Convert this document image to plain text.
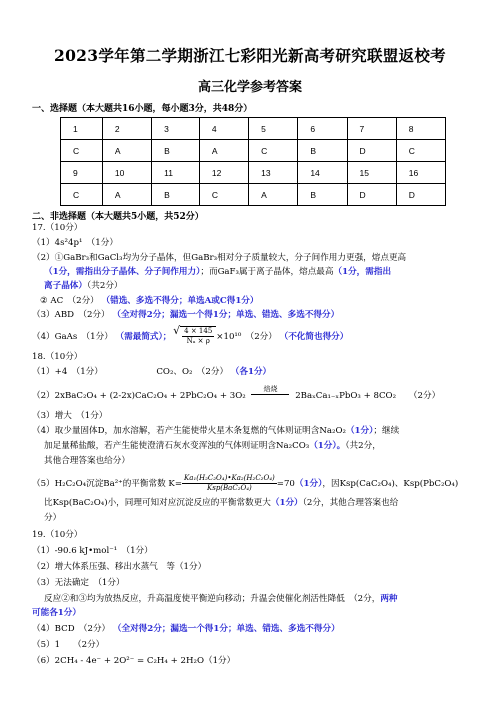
2023学年第二学期浙江七彩阳光新高考研究联盟返校考
高三化学参考答案
一、选择题（本大题共16小题，每小题3分，共48分）
1	2	3	4	5	6	7	8
C	A	B	A	C	B	D	C
9	10	11	12	13	14	15	16
C	A	B	C	A	B	D	D
二、非选择题（本大题共5小题，共52分）
17.（10分）
（1）4s²4p¹　（1分）
（2）①GaBr₃和GaCl₃均为分子晶体，但GaBr₃相对分子质量较大，分子间作用力更强，熔点更高
（1分，需指出分子晶体、分子间作用力）；而GaF₃属于离子晶体，熔点最高（1分，需指出
离子晶体）（共2分）
② AC　（2分） （错选、多选不得分；单选A或C得1分）
（3）ABD　（2分） （全对得2分；漏选一个得1分；单选、错选、多选不得分）
（4）GaAs　（1分） （需最简式）； √ $\frac{4 \times 145}{\text{Nₐ × ρ}} \times 10^{10}$　（2分） （不化简也得分）
18.（10分）
（1）+4　（1分）	CO₂、O₂　（2分） （各1分）
（2）2xBaC₂O₄ + (2-2x)CaC₂O₄ + 2PbC₂O₄ + 3O₂
焙烧
2BaₓCa₁₋ₓPbO₃ + 8CO₂　　（2分）
（3）增大　（1分）
（4）取少量固体D，加水溶解，若产生能使带火星木条复燃的气体则证明含Na₂O₂（1分）；继续
加足量稀盐酸，若产生能使澄清石灰水变浑浊的气体则证明含Na₂CO₃（1分）。（共2分，
其他合理答案也给分）
（5）H₂C₂O₄沉淀Ba²⁺的平衡常数 $K= \frac{\text{Ka₁(H₂C₂O₄)•Ka₂(H₂C₂O₄)}}{\text{Ksp(BaC₂O₄)}}=70(1$分），因Ksp(CaC₂O₄)、Ksp(PbC₂O₄)
比Ksp(BaC₂O₄)小，同理可知对应沉淀反应的平衡常数更大（1分）（2分，其他合理答案也给
分）
19.（10分）
（1）-90.6 kJ•mol⁻¹　（1分）
（2）增大体系压强、移出水蒸气　等（1分）
（3）无法确定　（1分）
反应②和③均为放热反应，升高温度使平衡逆向移动；升温会使催化剂活性降低　（2分，两种
可能各1分）
（4）BCD　（2分） （全对得2分；漏选一个得1分；单选、错选、多选不得分）
（5）1　　（2分）
（6）2CH₄ - 4e⁻ + 2O²⁻ = C₂H₄ + 2H₂O（1分）
